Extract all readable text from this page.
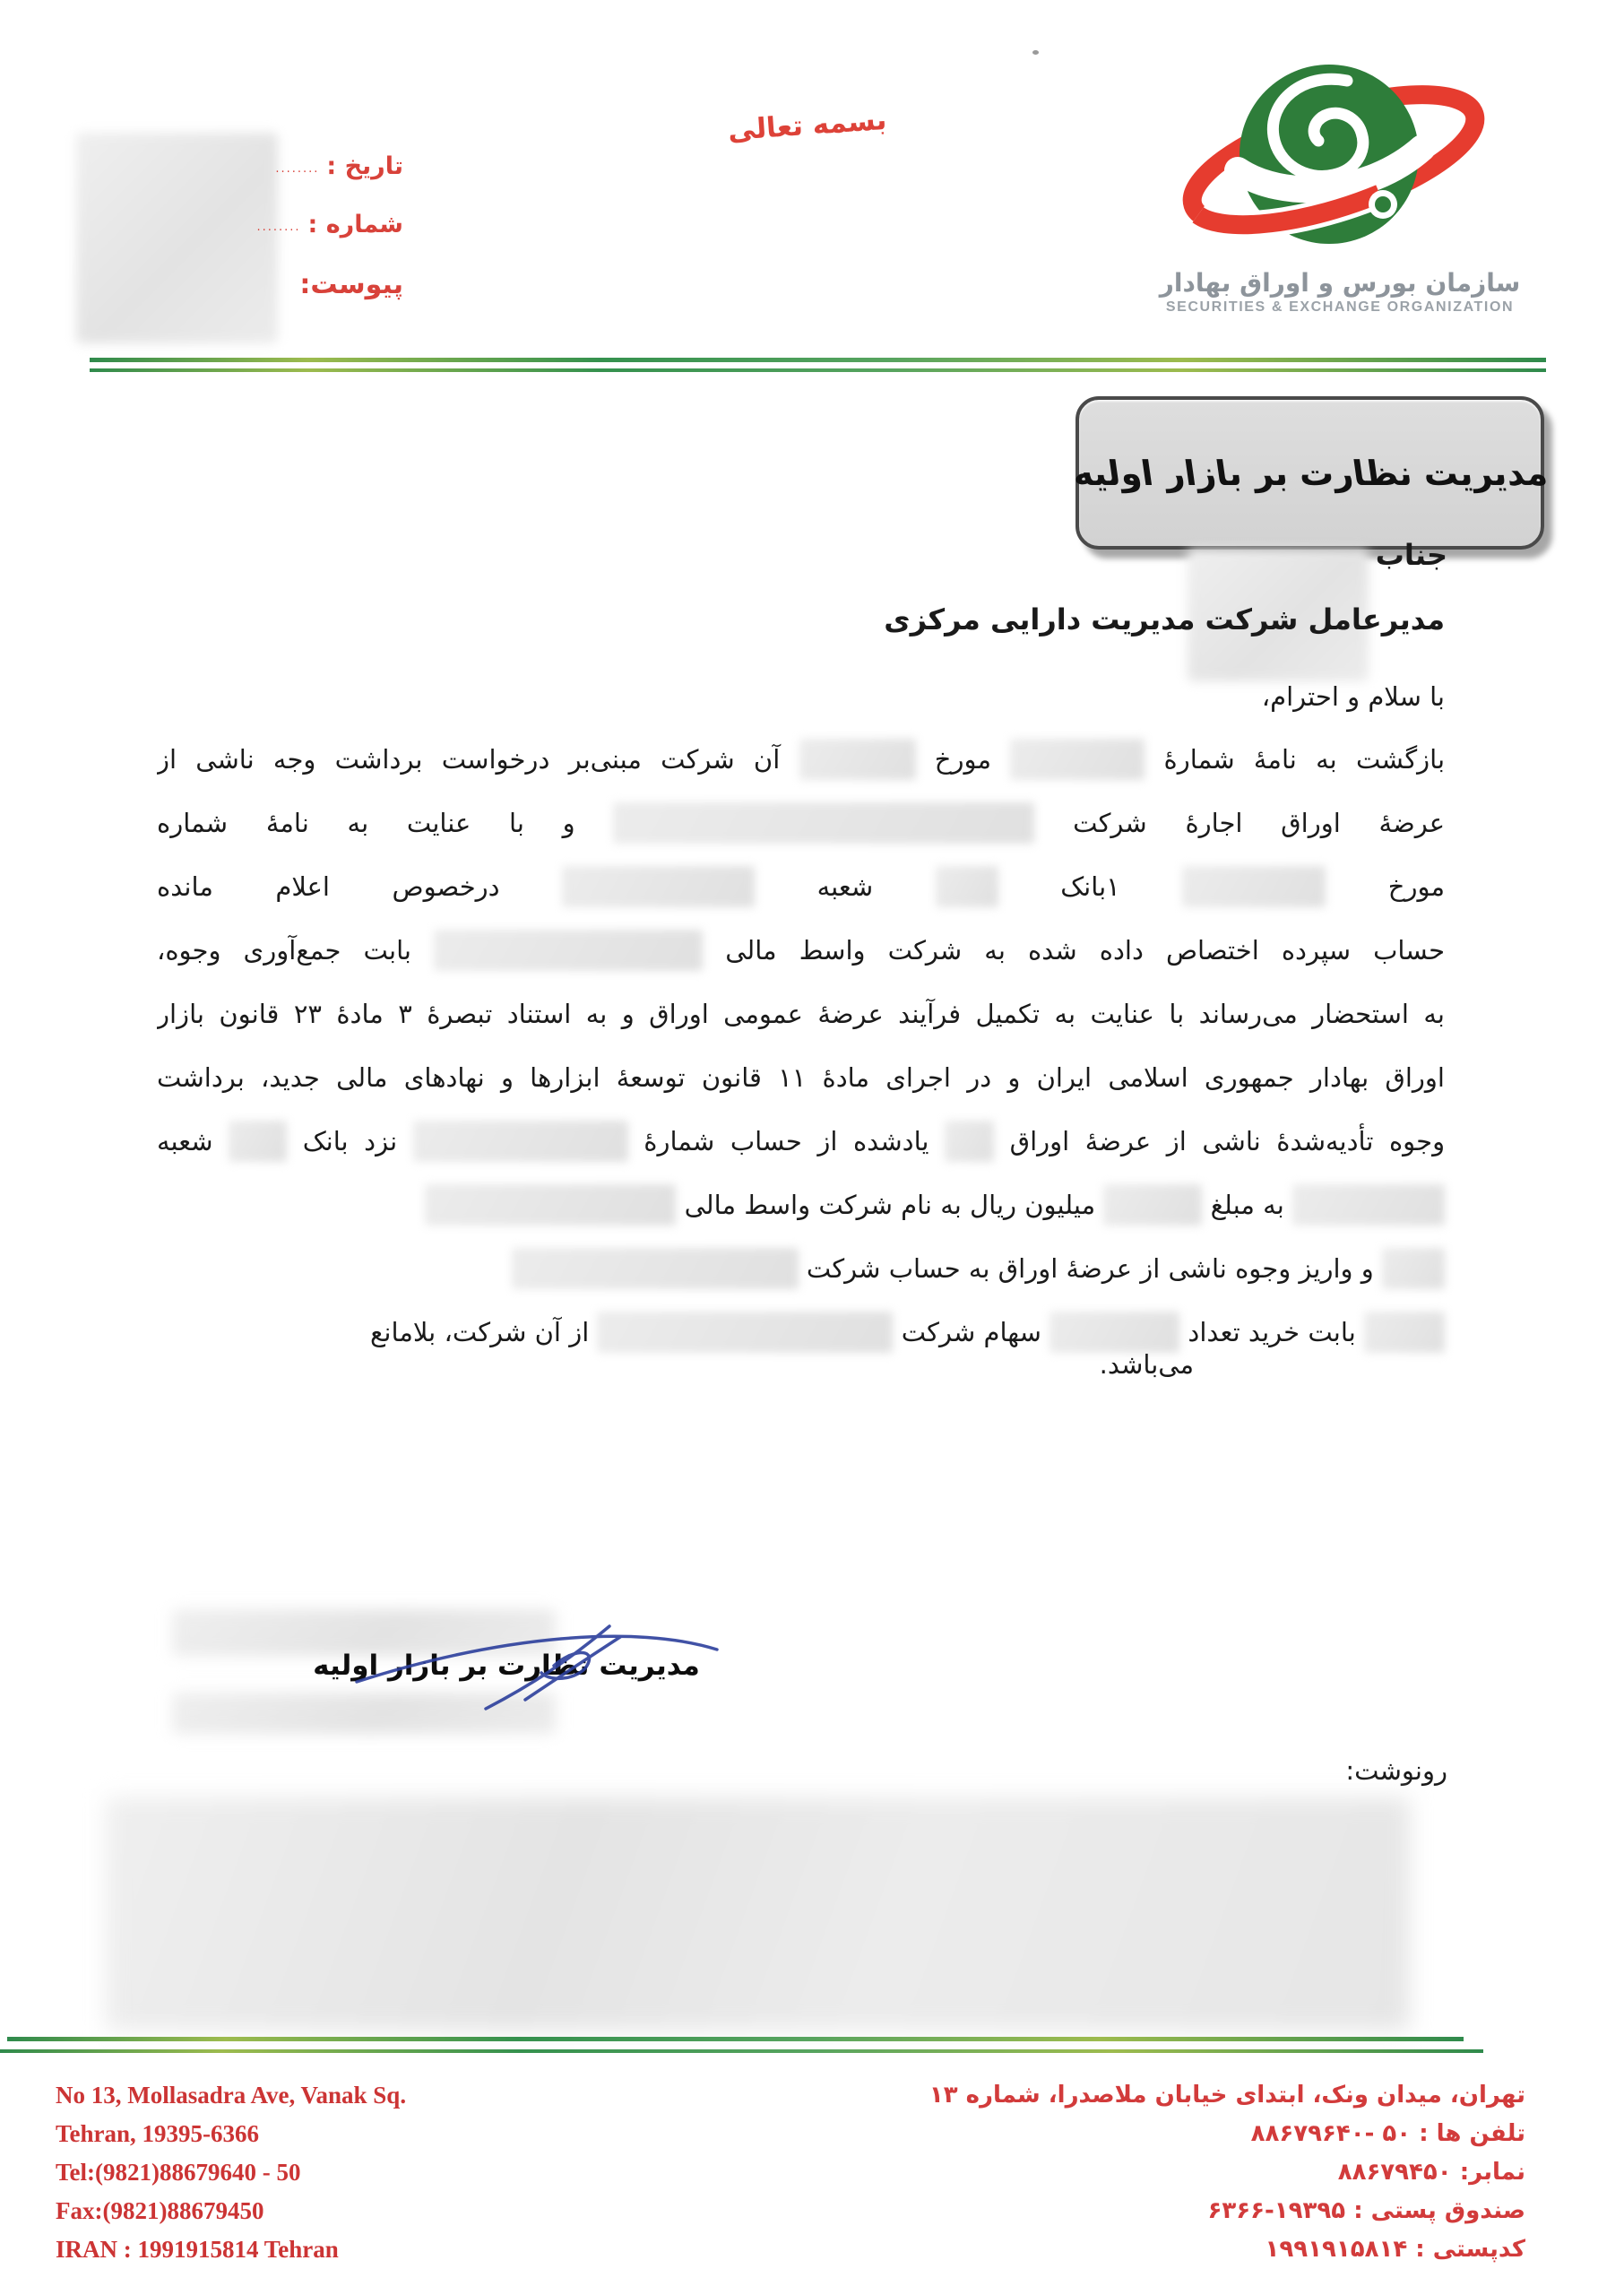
تاریخ :
........
شماره :
........
پیوست:
بسمه تعالی
سازمان بورس و اوراق بهادار
SECURITIES & EXCHANGE ORGANIZATION
مدیریت نظارت بر بازار اولیه
جناب
مدیرعامل شرکت مدیریت دارایی مرکزی
با سلام و احترام،
بازگشت به نامهٔ شمارهٔ  مورخ  آن شرکت مبنی‌بر درخواست برداشت وجه ناشی از
عرضهٔ اوراق اجارهٔ شرکت  و با عنایت به نامهٔ شماره
مورخ  ۱بانک  شعبه  درخصوص اعلام مانده
حساب سپرده اختصاص داده شده به شرکت واسط مالی  بابت جمع‌آوری وجوه،
به استحضار می‌رساند با عنایت به تکمیل فرآیند عرضهٔ عمومی اوراق و به استناد تبصرهٔ ۳ مادهٔ ۲۳ قانون بازار
اوراق بهادار جمهوری اسلامی ایران و در اجرای مادهٔ ۱۱ قانون توسعهٔ ابزارها و نهادهای مالی جدید، برداشت
وجوه تأدیه‌شدهٔ ناشی از عرضهٔ اوراق  یادشده از حساب شمارهٔ  نزد بانک  شعبه
به مبلغ  میلیون ریال به نام شرکت واسط مالی
و واریز وجوه ناشی از عرضهٔ اوراق به حساب شرکت
بابت خرید تعداد  سهام شرکت  از آن شرکت، بلامانع
می‌باشد.
مدیریت نظارت بر بازار اولیه
رونوشت:
No 13, Mollasadra Ave, Vanak Sq.
Tehran, 19395-6366
Tel:(9821)88679640 - 50
Fax:(9821)88679450
IRAN : 1991915814 Tehran
تهران، میدان ونک، ابتدای خیابان ملاصدرا، شماره ۱۳
تلفن ها : ۵۰ -۸۸۶۷۹۶۴۰
نمابر: ۸۸۶۷۹۴۵۰
صندوق پستی : ۱۹۳۹۵-۶۳۶۶
کدپستی : ۱۹۹۱۹۱۵۸۱۴
